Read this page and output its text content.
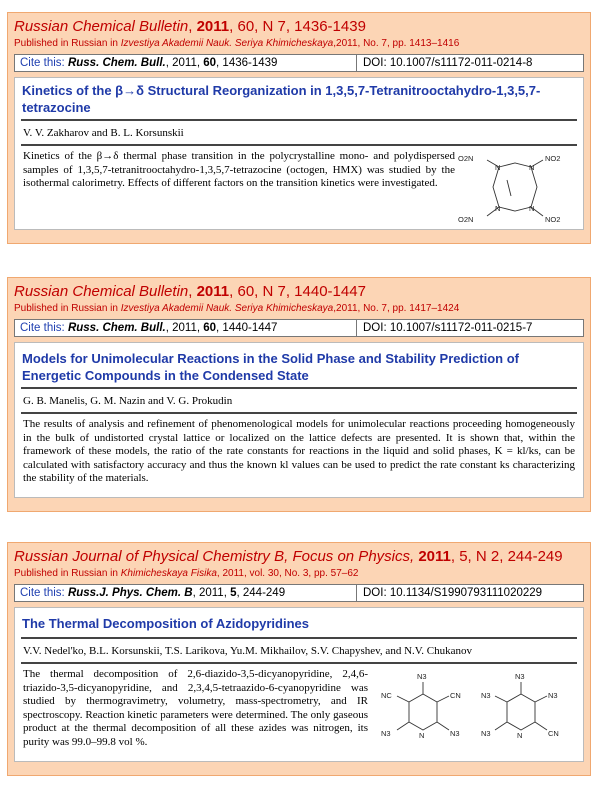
Russian Chemical Bulletin, 2011, 60, N 7, 1436-1439
Published in Russian in Izvestiya Akademii Nauk. Seriya Khimicheskaya,2011, No. 7, pp. 1413–1416
Cite this: Russ. Chem. Bull., 2011, 60, 1436-1439	DOI: 10.1007/s11172-011-0214-8
Kinetics of the β→δ Structural Reorganization in 1,3,5,7-Tetranitrooctahydro-1,3,5,7-tetrazocine
V. V. Zakharov and B. L. Korsunskii
Kinetics of the β→δ thermal phase transition in the polycrystalline mono- and polydispersed samples of 1,3,5,7-tetranitrooctahydro-1,3,5,7-tetrazocine (octogen, HMX) was studied by the isothermal calorimetry. Effects of different factors on the transition kinetics were investigated.
O2N	NO2
N	N
N	N
O2N	NO2
Russian Chemical Bulletin, 2011, 60, N 7, 1440-1447
Published in Russian in Izvestiya Akademii Nauk. Seriya Khimicheskaya,2011, No. 7, pp. 1417–1424
Cite this: Russ. Chem. Bull., 2011, 60, 1440-1447	DOI: 10.1007/s11172-011-0215-7
Models for Unimolecular Reactions in the Solid Phase and Stability Prediction of Energetic Compounds in the Condensed State
G. B. Manelis, G. M. Nazin and V. G. Prokudin
The results of analysis and refinement of phenomenological models for unimolecular reactions proceeding homogeneously in the bulk of undistorted crystal lattice or localized on the lattice defects are presented. It is shown that, within the framework of these models, the ratio of the rate constants for reactions in the liquid and solid phases, K = kl/ks, can be calculated with satisfactory accuracy and thus the known kl values can be used to predict the rate constant ks characterizing the stability of the materials.
Russian Journal of Physical Chemistry B, Focus on Physics, 2011, 5, N 2, 244-249
Published in Russian in Khimicheskaya Fisika, 2011, vol. 30, No. 3, pp. 57–62
Cite this: Russ.J. Phys. Chem. B, 2011, 5, 244-249	DOI: 10.1134/S1990793111020229
The Thermal Decomposition of Azidopyridines
V.V. Nedel'ko, B.L. Korsunskii, T.S. Larikova, Yu.M. Mikhailov, S.V. Chapyshev, and N.V. Chukanov
The thermal decomposition of 2,6-diazido-3,5-dicyanopyridine, 2,4,6-triazido-3,5-dicyanopyridine, and 2,3,4,5-tetraazido-6-cyanopyridine was studied by thermogravimetry, volumetry, mass-spectrometry, and IR spectroscopy. Reaction kinetic parameters were determined. The only gaseous product at the thermal decomposition of all these azides was nitrogen, its purity was 99.0–99.8 vol %.
N3
NC	CN
N3	N	N3
N3
N3	N3
N3	N	CN
